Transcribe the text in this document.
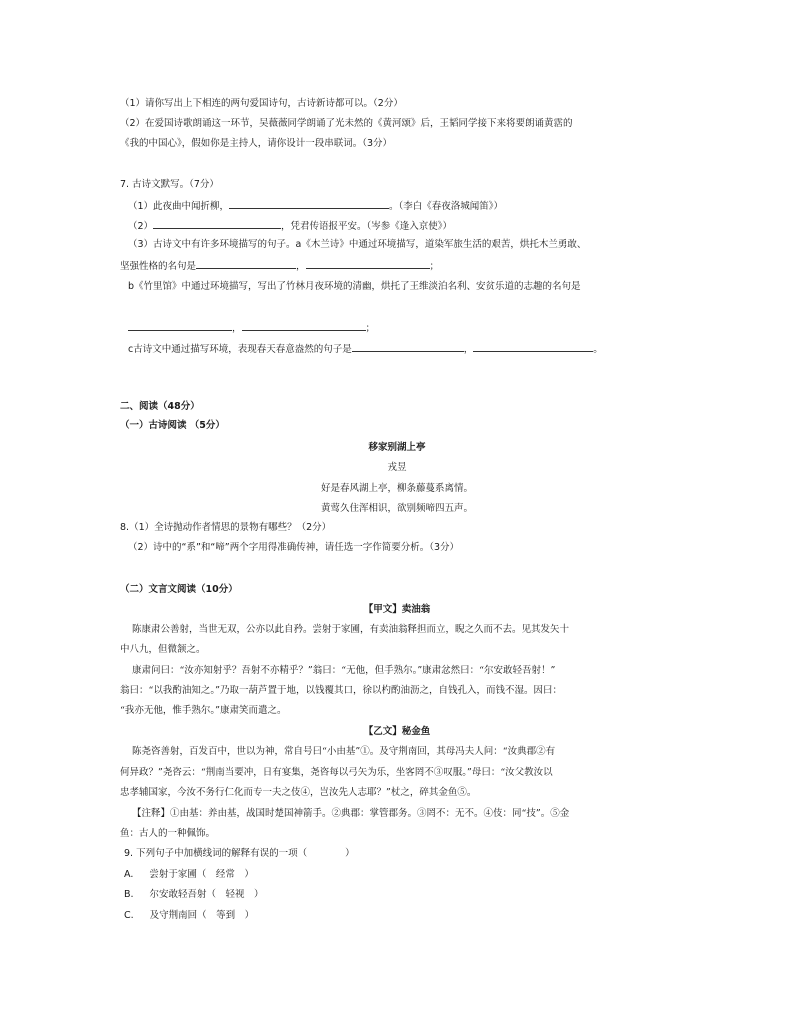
（1）请你写出上下相连的两句爱国诗句，古诗新诗都可以。（2分）
（2）在爱国诗歌朗诵这一环节，吴薇薇同学朗诵了光未然的《黄河颂》后，王韬同学接下来将要朗诵黄霑的
《我的中国心》，假如你是主持人，请你设计一段串联词。（3分）
7. 古诗文默写。（7分）
（1）此夜曲中闻折柳，	。（李白《春夜洛城闻笛》）
（2）	，凭君传语报平安。（岑参《逢入京使》）
（3）古诗文中有许多环境描写的句子。a《木兰诗》中通过环境描写，道染军旅生活的艰苦，烘托木兰勇敢、
坚强性格的名句是	，	；
b《竹里馆》中通过环境描写，写出了竹林月夜环境的清幽，烘托了王维淡泊名利、安贫乐道的志趣的名句是
，	；
c古诗文中通过描写环境，表现春天春意盎然的句子是	，	。
二、阅读（48分）
（一）古诗阅读 （5分）
移家别湖上亭
戎昱
好是春风湖上亭，柳条藤蔓系离情。
黄莺久住浑相识，欲别频啼四五声。
8.（1）全诗抛动作者情思的景物有哪些？（2分）
（2）诗中的“系”和“啼”两个字用得准确传神，请任选一字作简要分析。（3分）
（二）文言文阅读（10分）
【甲文】卖油翁
陈康肃公善射，当世无双，公亦以此自矜。尝射于家圃，有卖油翁释担而立，睨之久而不去。见其发矢十
中八九，但微颔之。
康肃问曰：“汝亦知射乎？吾射不亦精乎？”翁曰：“无他，但手熟尔。”康肃忿然曰：“尔安敢轻吾射！”
翁曰：“以我酌油知之。”乃取一葫芦置于地，以钱覆其口，徐以杓酌油沥之，自钱孔入，而钱不湿。因曰：
“我亦无他，惟手熟尔。”康肃笑而遣之。
【乙文】秘金鱼
陈尧咨善射，百发百中，世以为神，常自号曰“小由基”①。及守荆南回，其母冯夫人问：“汝典郡②有
何异政？”尧咨云：“荆南当要冲，日有宴集，尧咨每以弓矢为乐，坐客罔不③叹服。”母曰：“汝父教汝以
忠孝辅国家，今汝不务行仁化而专一夫之伎④，岂汝先人志耶？”杖之，碎其金鱼⑤。
【注释】①由基：养由基，战国时楚国神箭手。②典郡：掌管郡务。③罔不：无不。④伎：同“技”。⑤金
鱼：古人的一种佩饰。
9. 下列句子中加横线词的解释有误的一项（　　　　）
A. 尝射于家圃（　经常　）
B. 尔安敢轻吾射（　轻视　）
C. 及守荆南回（　等到　）
